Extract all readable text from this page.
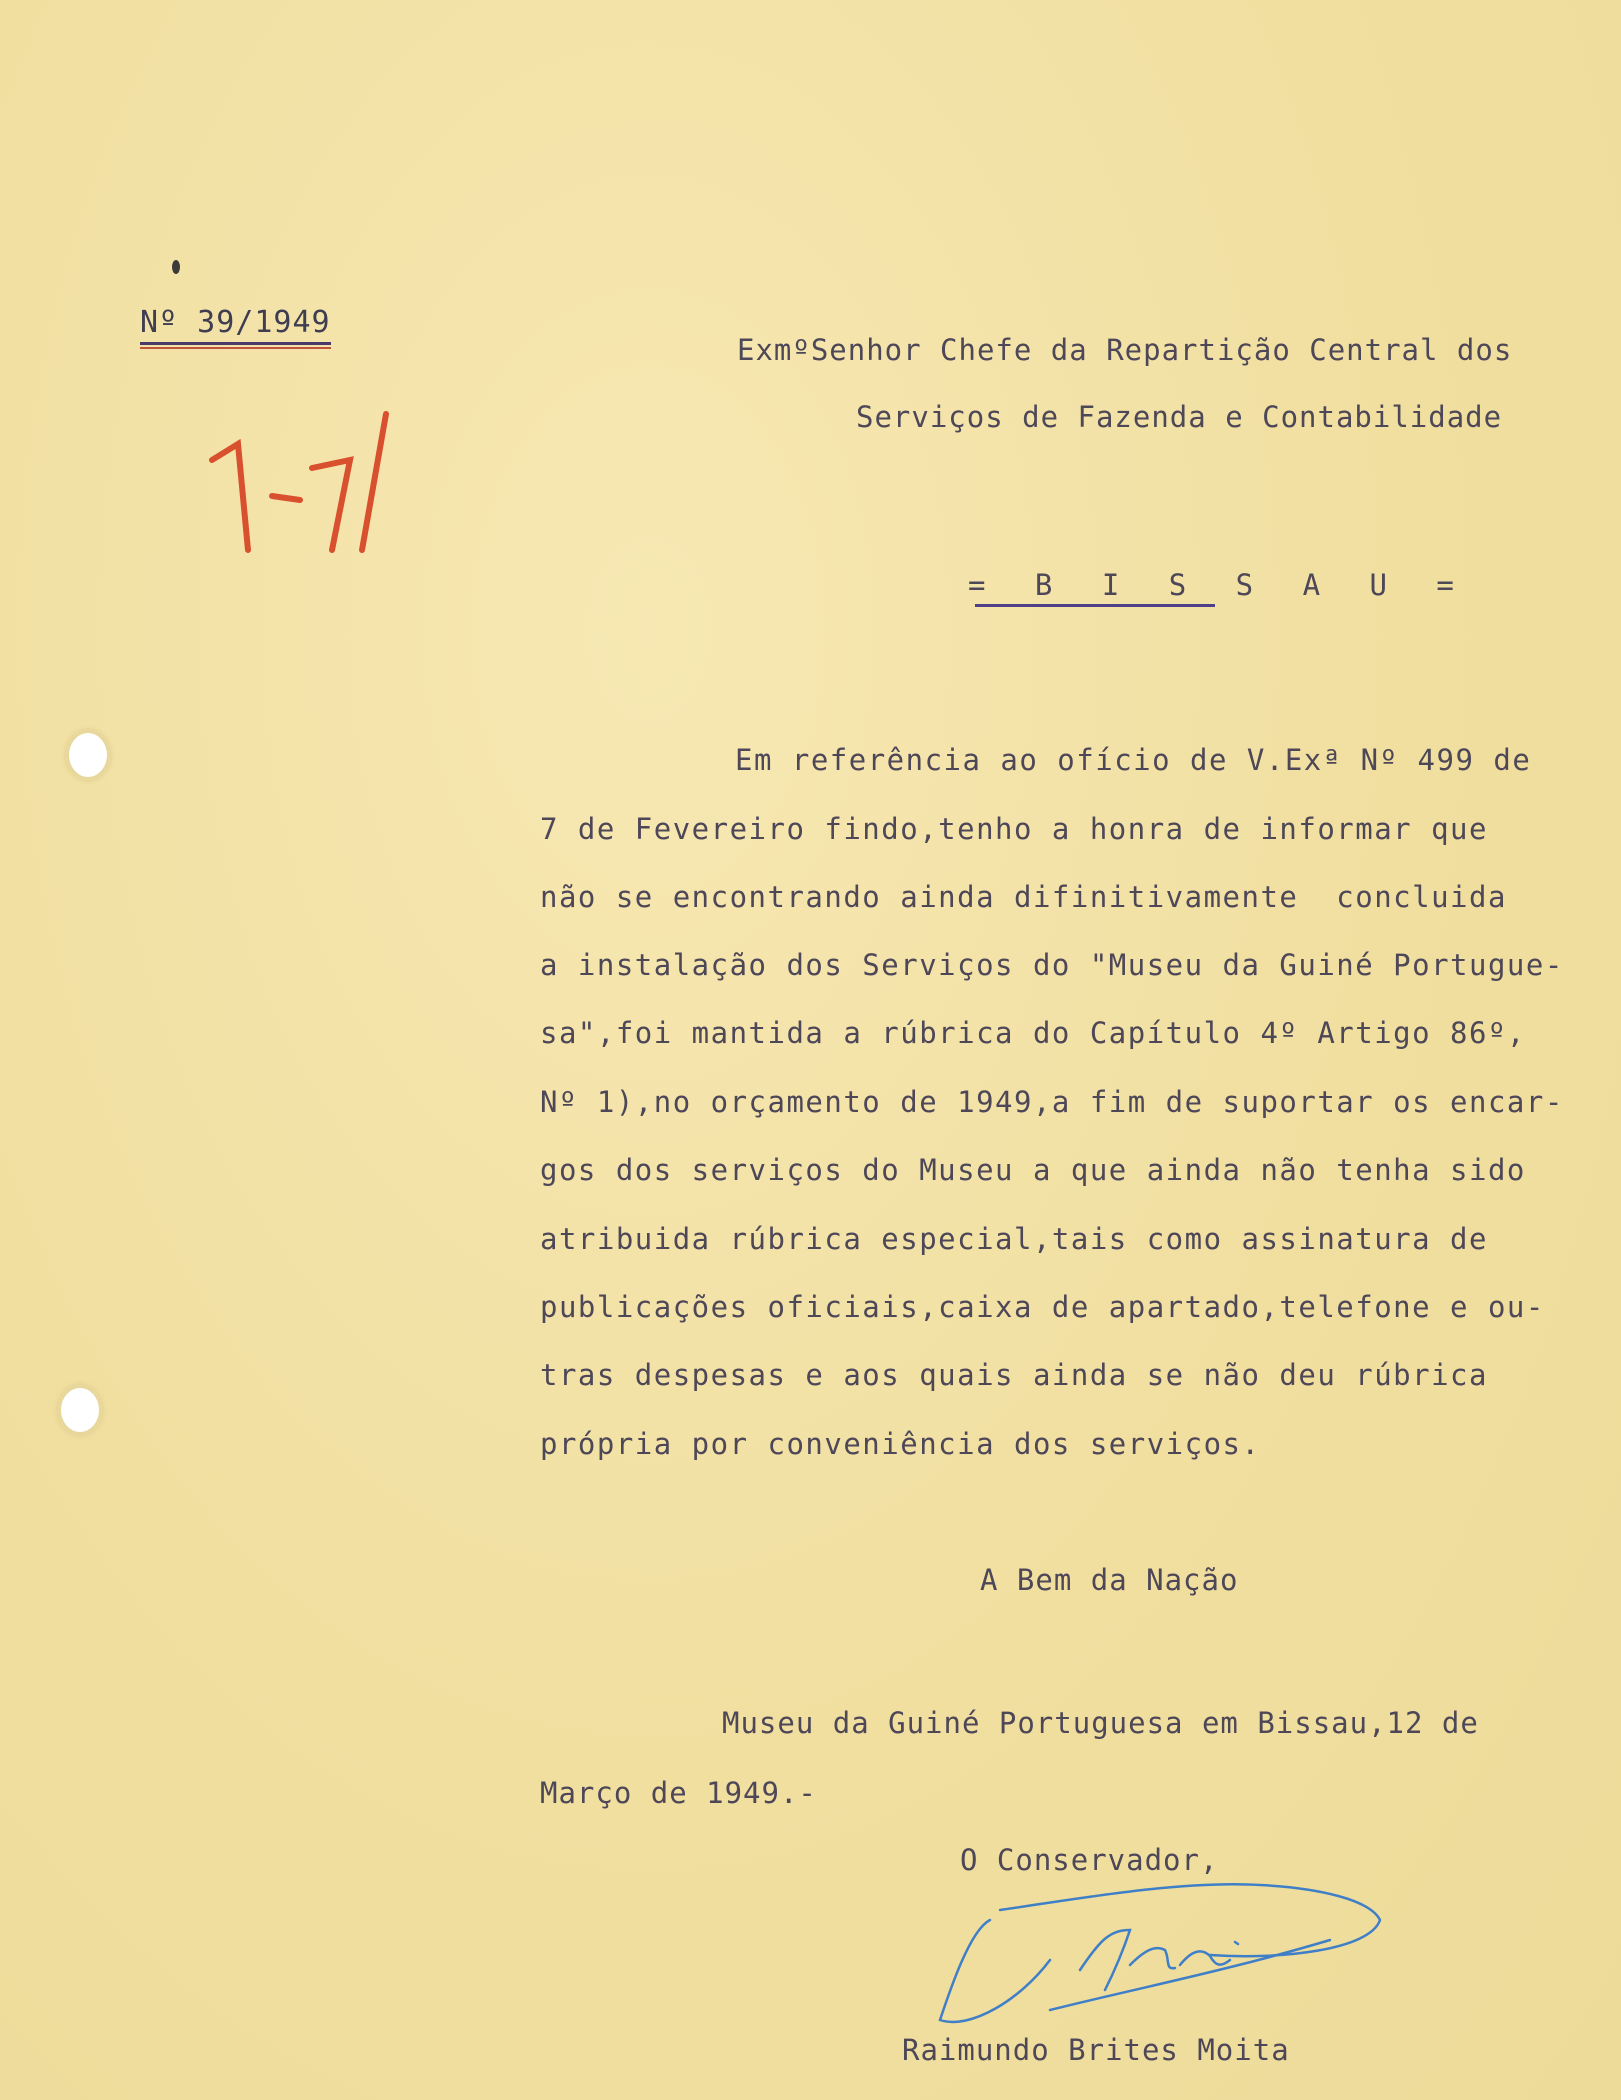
Nº 39/1949
ExmºSenhor Chefe da Repartição Central dos
Serviços de Fazenda e Contabilidade
= B I S S A U =
Em referência ao ofício de V.Exª Nº 499 de
7 de Fevereiro findo,tenho a honra de informar que
não se encontrando ainda difinitivamente  concluida
a instalação dos Serviços do "Museu da Guiné Portugue-
sa",foi mantida a rúbrica do Capítulo 4º Artigo 86º,
Nº 1),no orçamento de 1949,a fim de suportar os encar-
gos dos serviços do Museu a que ainda não tenha sido
atribuida rúbrica especial,tais como assinatura de
publicações oficiais,caixa de apartado,telefone e ou-
tras despesas e aos quais ainda se não deu rúbrica
própria por conveniência dos serviços.
A Bem da Nação
Museu da Guiné Portuguesa em Bissau,12 de
Março de 1949.-
O Conservador,
Raimundo Brites Moita
